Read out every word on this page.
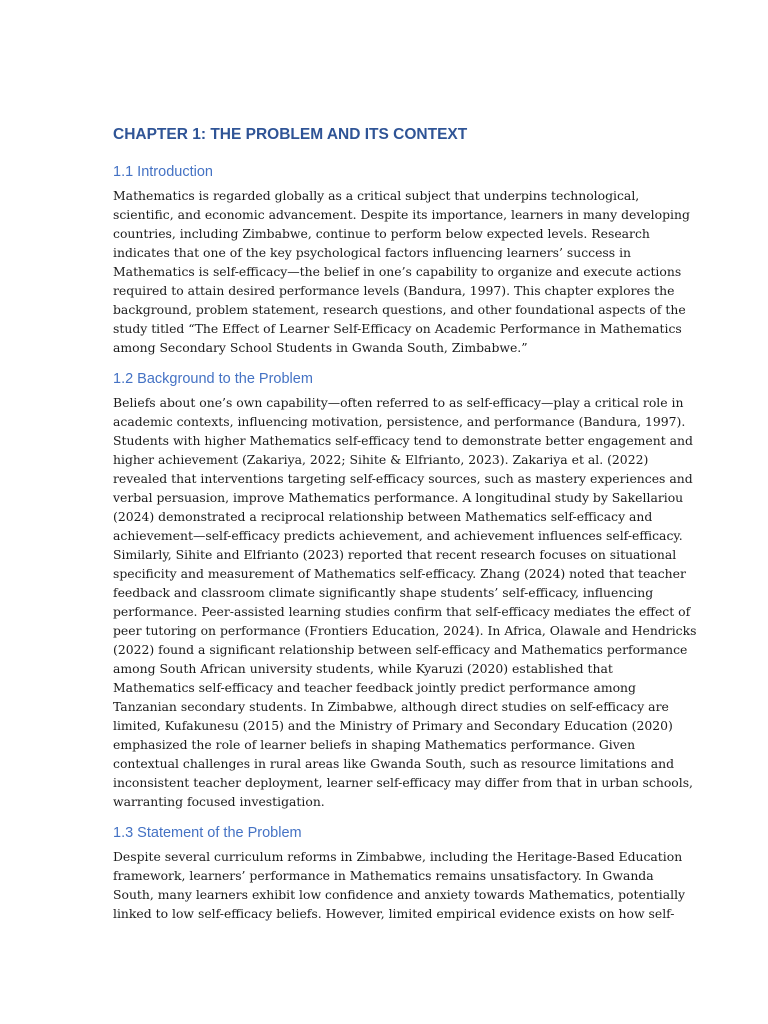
CHAPTER 1: THE PROBLEM AND ITS CONTEXT
1.1 Introduction

Mathematics is regarded globally as a critical subject that underpins technological,
scientific, and economic advancement. Despite its importance, learners in many developing
countries, including Zimbabwe, continue to perform below expected levels. Research
indicates that one of the key psychological factors influencing learners’ success in
Mathematics is self-efficacy—the belief in one’s capability to organize and execute actions
required to attain desired performance levels (Bandura, 1997). This chapter explores the
background, problem statement, research questions, and other foundational aspects of the
study titled “The Effect of Learner Self-Efficacy on Academic Performance in Mathematics
among Secondary School Students in Gwanda South, Zimbabwe.”

1.2 Background to the Problem

Beliefs about one’s own capability—often referred to as self-efficacy—play a critical role in
academic contexts, influencing motivation, persistence, and performance (Bandura, 1997).
Students with higher Mathematics self-efficacy tend to demonstrate better engagement and
higher achievement (Zakariya, 2022; Sihite & Elfrianto, 2023). Zakariya et al. (2022)
revealed that interventions targeting self-efficacy sources, such as mastery experiences and
verbal persuasion, improve Mathematics performance. A longitudinal study by Sakellariou
(2024) demonstrated a reciprocal relationship between Mathematics self-efficacy and
achievement—self-efficacy predicts achievement, and achievement influences self-efficacy.
Similarly, Sihite and Elfrianto (2023) reported that recent research focuses on situational
specificity and measurement of Mathematics self-efficacy. Zhang (2024) noted that teacher
feedback and classroom climate significantly shape students’ self-efficacy, influencing
performance. Peer-assisted learning studies confirm that self-efficacy mediates the effect of
peer tutoring on performance (Frontiers Education, 2024). In Africa, Olawale and Hendricks
(2022) found a significant relationship between self-efficacy and Mathematics performance
among South African university students, while Kyaruzi (2020) established that
Mathematics self-efficacy and teacher feedback jointly predict performance among
Tanzanian secondary students. In Zimbabwe, although direct studies on self-efficacy are
limited, Kufakunesu (2015) and the Ministry of Primary and Secondary Education (2020)
emphasized the role of learner beliefs in shaping Mathematics performance. Given
contextual challenges in rural areas like Gwanda South, such as resource limitations and
inconsistent teacher deployment, learner self-efficacy may differ from that in urban schools,
warranting focused investigation.

1.3 Statement of the Problem

Despite several curriculum reforms in Zimbabwe, including the Heritage-Based Education
framework, learners’ performance in Mathematics remains unsatisfactory. In Gwanda
South, many learners exhibit low confidence and anxiety towards Mathematics, potentially
linked to low self-efficacy beliefs. However, limited empirical evidence exists on how self-
